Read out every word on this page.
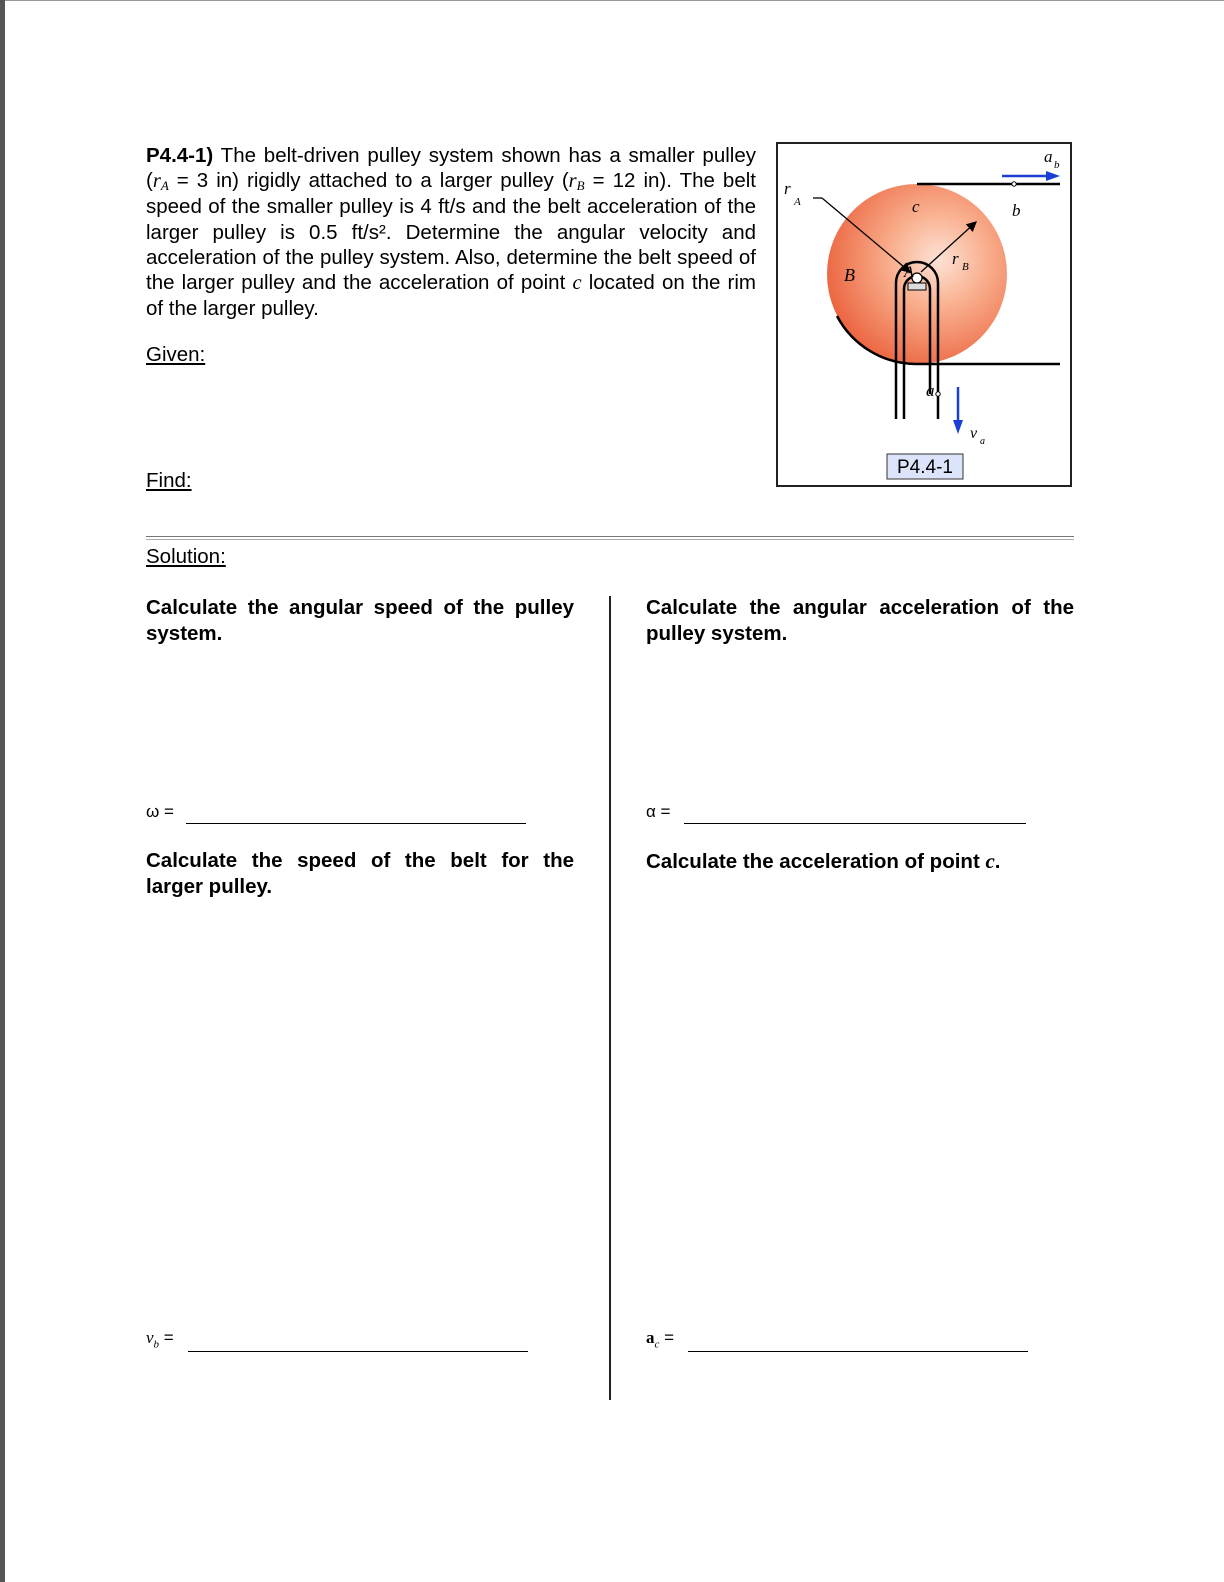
P4.4-1) The belt-driven pulley system shown has a smaller pulley ($r_A = 3$ in) rigidly attached to a larger pulley ($r_B = 12$ in). The belt speed of the smaller pulley is 4 ft/s and the belt acceleration of the larger pulley is 0.5 ft/s². Determine the angular velocity and acceleration of the pulley system. Also, determine the belt speed of the larger pulley and the acceleration of point c located on the rim of the larger pulley.
Given:
Find:
r
A
r B
a b
b
c
B	A
a
v a
P4.4-1
Solution:
Calculate the angular speed of the pulley system.
Calculate the angular acceleration of the pulley system.
Calculate the speed of the belt for the larger pulley.
Calculate the acceleration of point c.
ω =	α =
$v_b$ =	$a_c$ =
